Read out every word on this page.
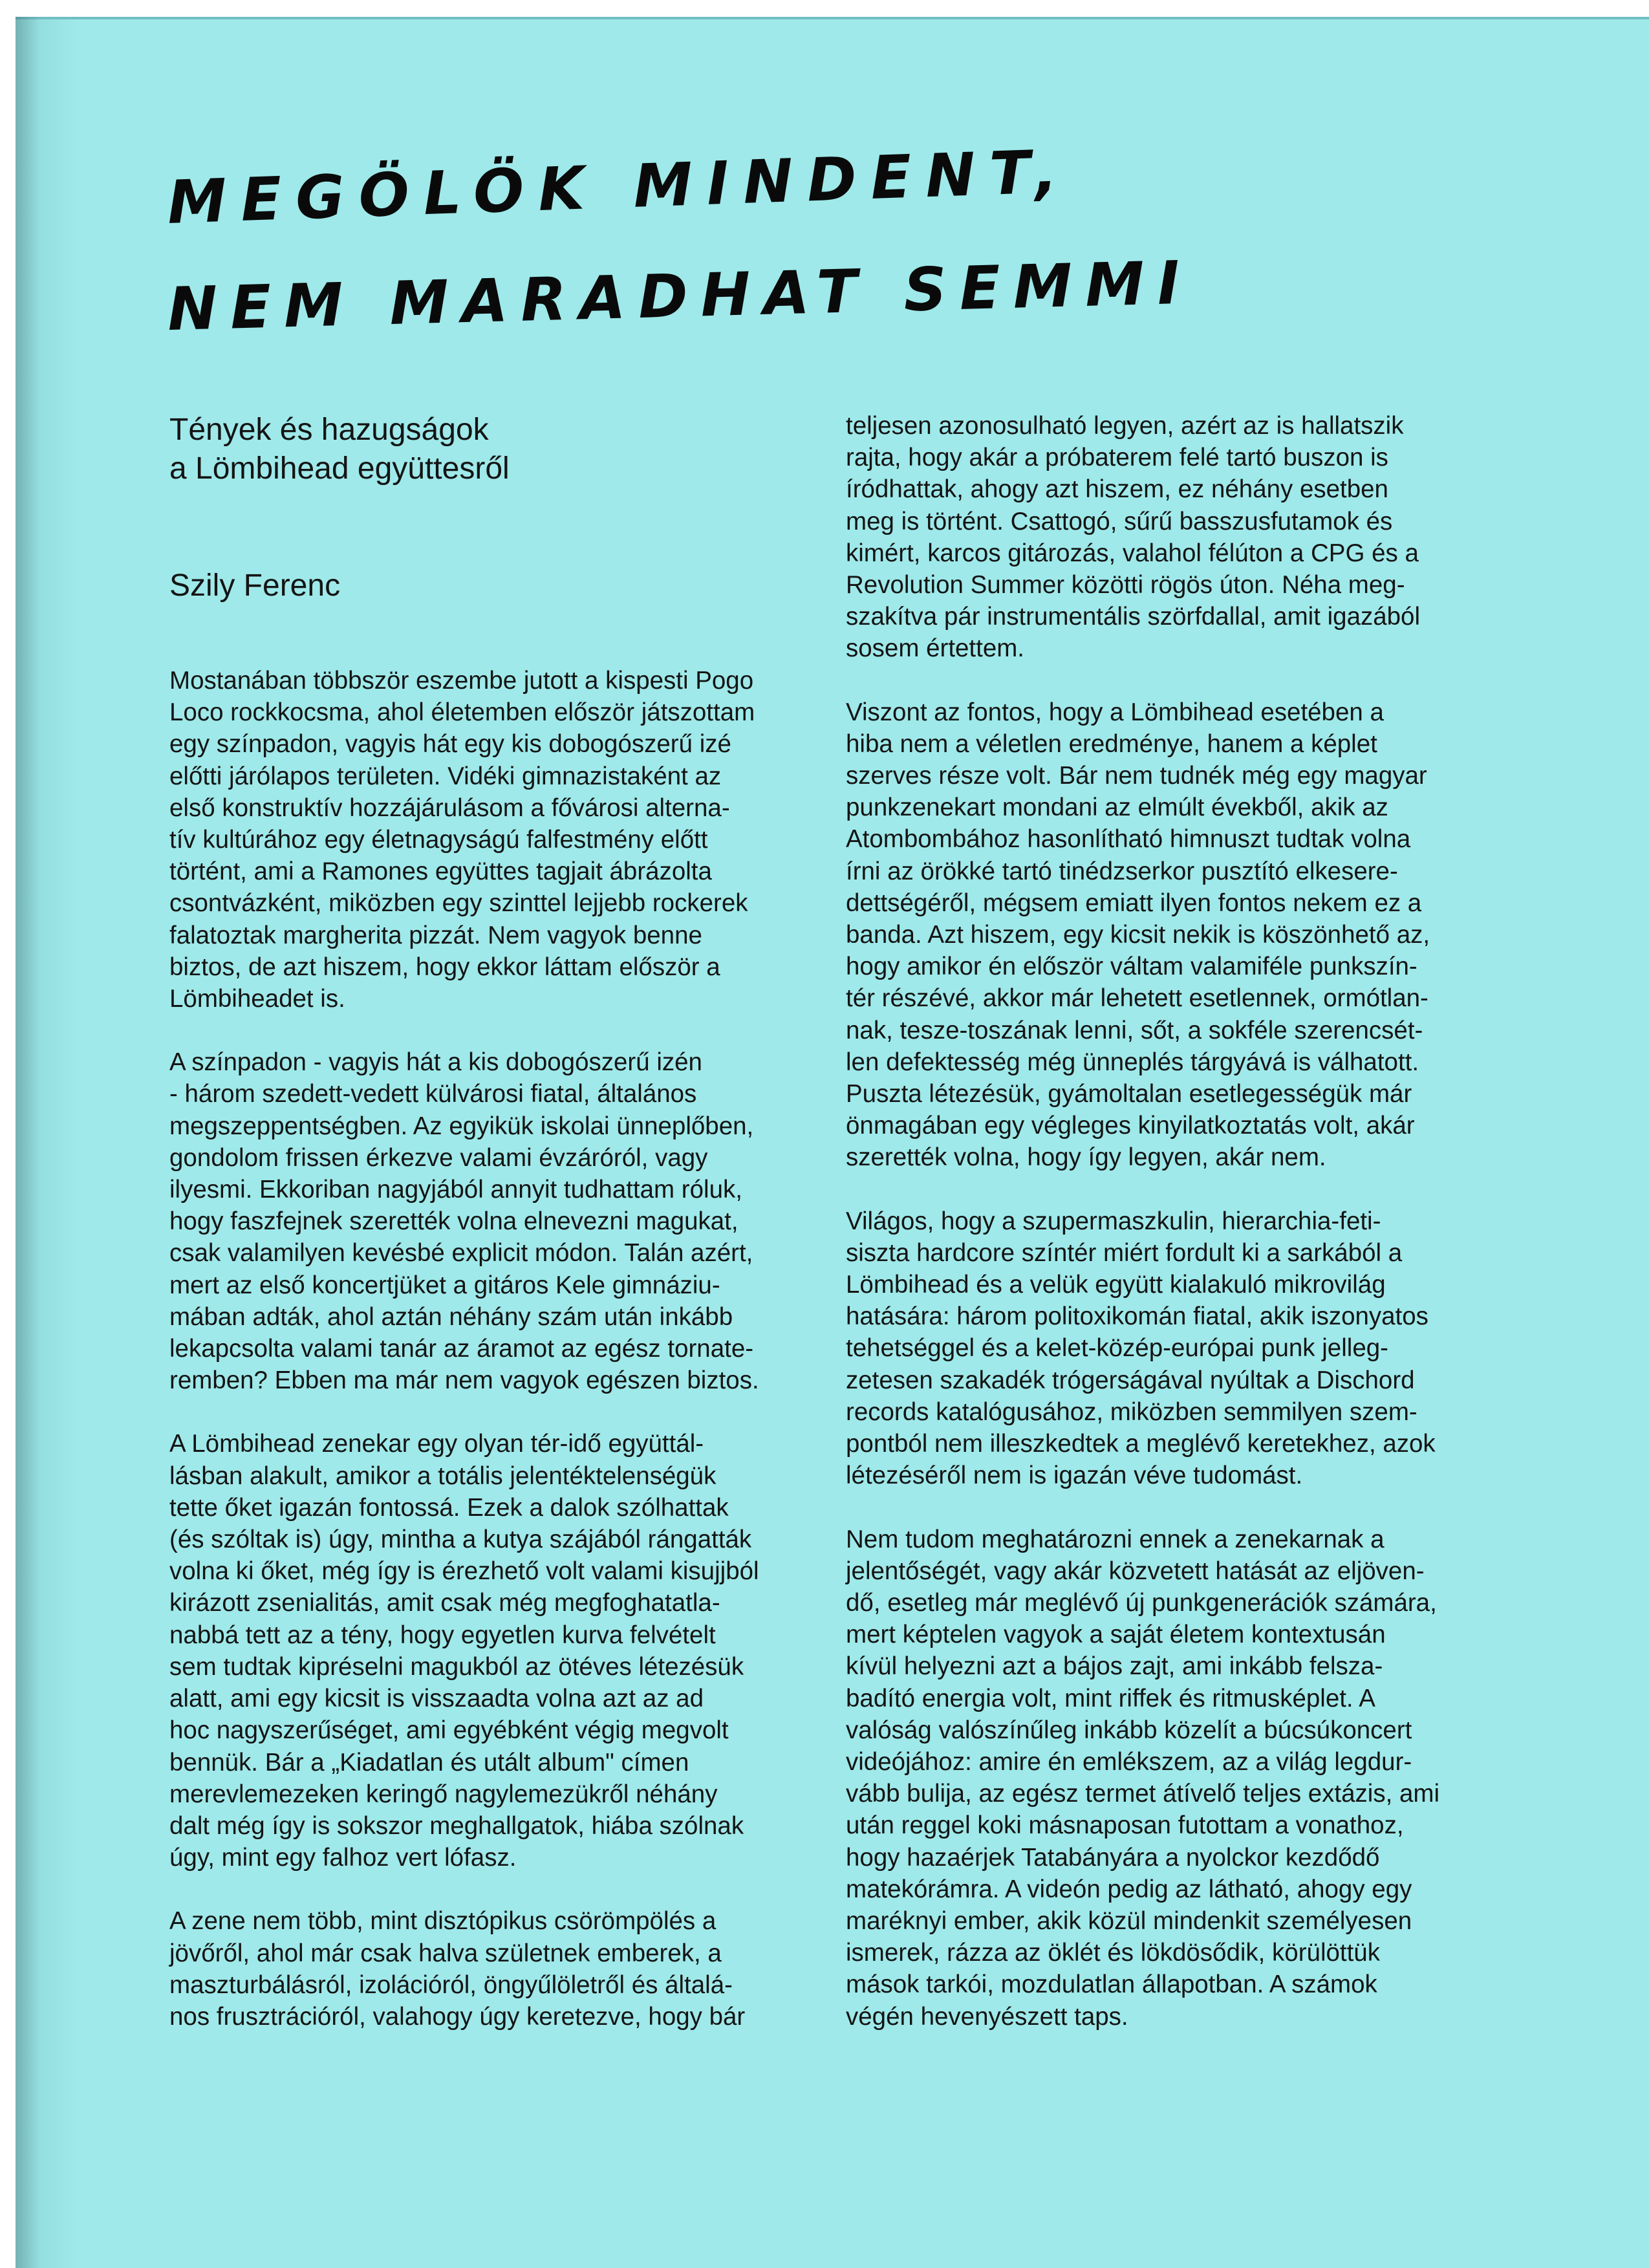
MEGÖLÖK MINDENT,
NEM MARADHAT SEMMI
Tények és hazugságok
a Lömbihead együttesről
Szily Ferenc
Mostanában többször eszembe jutott a kispesti Pogo
Loco rockkocsma, ahol életemben először játszottam
egy színpadon, vagyis hát egy kis dobogószerű izé
előtti járólapos területen. Vidéki gimnazistaként az
első konstruktív hozzájárulásom a fővárosi alterna-
tív kultúrához egy életnagyságú falfestmény előtt
történt, ami a Ramones együttes tagjait ábrázolta
csontvázként, miközben egy szinttel lejjebb rockerek
falatoztak margherita pizzát. Nem vagyok benne
biztos, de azt hiszem, hogy ekkor láttam először a
Lömbiheadet is.
A színpadon - vagyis hát a kis dobogószerű izén
- három szedett-vedett külvárosi fiatal, általános
megszeppentségben. Az egyikük iskolai ünneplőben,
gondolom frissen érkezve valami évzáróról, vagy
ilyesmi. Ekkoriban nagyjából annyit tudhattam róluk,
hogy faszfejnek szerették volna elnevezni magukat,
csak valamilyen kevésbé explicit módon. Talán azért,
mert az első koncertjüket a gitáros Kele gimnáziu-
mában adták, ahol aztán néhány szám után inkább
lekapcsolta valami tanár az áramot az egész tornate-
remben? Ebben ma már nem vagyok egészen biztos.
A Lömbihead zenekar egy olyan tér-idő együttál-
lásban alakult, amikor a totális jelentéktelenségük
tette őket igazán fontossá. Ezek a dalok szólhattak
(és szóltak is) úgy, mintha a kutya szájából rángatták
volna ki őket, még így is érezhető volt valami kisujjból
kirázott zsenialitás, amit csak még megfoghatatla-
nabbá tett az a tény, hogy egyetlen kurva felvételt
sem tudtak kipréselni magukból az ötéves létezésük
alatt, ami egy kicsit is visszaadta volna azt az ad
hoc nagyszerűséget, ami egyébként végig megvolt
bennük. Bár a „Kiadatlan és utált album" címen
merevlemezeken keringő nagylemezükről néhány
dalt még így is sokszor meghallgatok, hiába szólnak
úgy, mint egy falhoz vert lófasz.
A zene nem több, mint disztópikus csörömpölés a
jövőről, ahol már csak halva születnek emberek, a
maszturbálásról, izolációról, öngyűlöletről és általá-
nos frusztrációról, valahogy úgy keretezve, hogy bár
teljesen azonosulható legyen, azért az is hallatszik
rajta, hogy akár a próbaterem felé tartó buszon is
íródhattak, ahogy azt hiszem, ez néhány esetben
meg is történt. Csattogó, sűrű basszusfutamok és
kimért, karcos gitározás, valahol félúton a CPG és a
Revolution Summer közötti rögös úton. Néha meg-
szakítva pár instrumentális szörfdallal, amit igazából
sosem értettem.
Viszont az fontos, hogy a Lömbihead esetében a
hiba nem a véletlen eredménye, hanem a képlet
szerves része volt. Bár nem tudnék még egy magyar
punkzenekart mondani az elmúlt évekből, akik az
Atombombához hasonlítható himnuszt tudtak volna
írni az örökké tartó tinédzserkor pusztító elkesere-
dettségéről, mégsem emiatt ilyen fontos nekem ez a
banda. Azt hiszem, egy kicsit nekik is köszönhető az,
hogy amikor én először váltam valamiféle punkszín-
tér részévé, akkor már lehetett esetlennek, ormótlan-
nak, tesze-toszának lenni, sőt, a sokféle szerencsét-
len defektesség még ünneplés tárgyává is válhatott.
Puszta létezésük, gyámoltalan esetlegességük már
önmagában egy végleges kinyilatkoztatás volt, akár
szerették volna, hogy így legyen, akár nem.
Világos, hogy a szupermaszkulin, hierarchia-feti-
siszta hardcore színtér miért fordult ki a sarkából a
Lömbihead és a velük együtt kialakuló mikrovilág
hatására: három politoxikomán fiatal, akik iszonyatos
tehetséggel és a kelet-közép-európai punk jelleg-
zetesen szakadék trógerságával nyúltak a Dischord
records katalógusához, miközben semmilyen szem-
pontból nem illeszkedtek a meglévő keretekhez, azok
létezéséről nem is igazán véve tudomást.
Nem tudom meghatározni ennek a zenekarnak a
jelentőségét, vagy akár közvetett hatását az eljöven-
dő, esetleg már meglévő új punkgenerációk számára,
mert képtelen vagyok a saját életem kontextusán
kívül helyezni azt a bájos zajt, ami inkább felsza-
badító energia volt, mint riffek és ritmusképlet. A
valóság valószínűleg inkább közelít a búcsúkoncert
videójához: amire én emlékszem, az a világ legdur-
vább bulija, az egész termet átívelő teljes extázis, ami
után reggel koki másnaposan futottam a vonathoz,
hogy hazaérjek Tatabányára a nyolckor kezdődő
matekórámra. A videón pedig az látható, ahogy egy
maréknyi ember, akik közül mindenkit személyesen
ismerek, rázza az öklét és lökdösődik, körülöttük
mások tarkói, mozdulatlan állapotban. A számok
végén hevenyészett taps.
